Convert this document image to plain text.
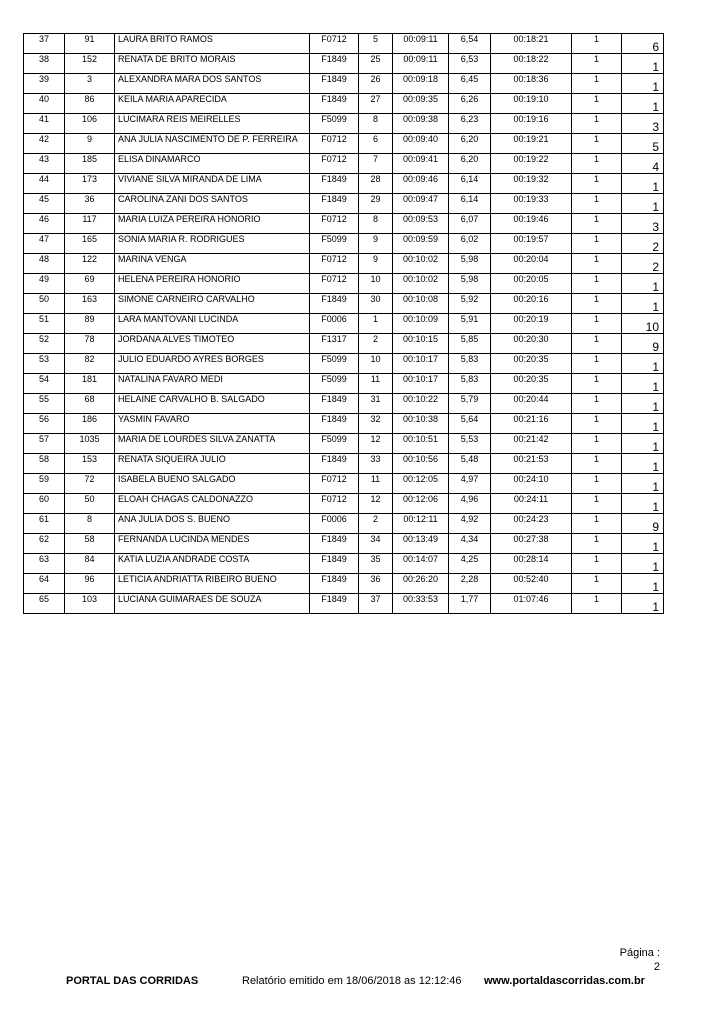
37	91	LAURA BRITO RAMOS	F0712	5	00:09:11	6,54	00:18:21	1	6
38	152	RENATA DE BRITO MORAIS	F1849	25	00:09:11	6,53	00:18:22	1	1
39	3	ALEXANDRA MARA DOS SANTOS	F1849	26	00:09:18	6,45	00:18:36	1	1
40	86	KEILA MARIA APARECIDA	F1849	27	00:09:35	6,26	00:19:10	1	1
41	106	LUCIMARA REIS MEIRELLES	F5099	8	00:09:38	6,23	00:19:16	1	3
42	9	ANA JULIA NASCIMENTO DE P. FERREIRA	F0712	6	00:09:40	6,20	00:19:21	1	5
43	185	ELISA DINAMARCO	F0712	7	00:09:41	6,20	00:19:22	1	4
44	173	VIVIANE SILVA MIRANDA DE LIMA	F1849	28	00:09:46	6,14	00:19:32	1	1
45	36	CAROLINA ZANI DOS SANTOS	F1849	29	00:09:47	6,14	00:19:33	1	1
46	117	MARIA LUIZA PEREIRA HONORIO	F0712	8	00:09:53	6,07	00:19:46	1	3
47	165	SONIA MARIA R. RODRIGUES	F5099	9	00:09:59	6,02	00:19:57	1	2
48	122	MARINA VENGA	F0712	9	00:10:02	5,98	00:20:04	1	2
49	69	HELENA PEREIRA HONORIO	F0712	10	00:10:02	5,98	00:20:05	1	1
50	163	SIMONE CARNEIRO CARVALHO	F1849	30	00:10:08	5,92	00:20:16	1	1
51	89	LARA MANTOVANI LUCINDA	F0006	1	00:10:09	5,91	00:20:19	1	10
52	78	JORDANA ALVES TIMOTEO	F1317	2	00:10:15	5,85	00:20:30	1	9
53	82	JULIO EDUARDO AYRES BORGES	F5099	10	00:10:17	5,83	00:20:35	1	1
54	181	NATALINA FAVARO MEDI	F5099	11	00:10:17	5,83	00:20:35	1	1
55	68	HELAINE CARVALHO B. SALGADO	F1849	31	00:10:22	5,79	00:20:44	1	1
56	186	YASMIN FAVARO	F1849	32	00:10:38	5,64	00:21:16	1	1
57	1035	MARIA DE LOURDES SILVA ZANATTA	F5099	12	00:10:51	5,53	00:21:42	1	1
58	153	RENATA SIQUEIRA JULIO	F1849	33	00:10:56	5,48	00:21:53	1	1
59	72	ISABELA BUENO SALGADO	F0712	11	00:12:05	4,97	00:24:10	1	1
60	50	ELOAH CHAGAS CALDONAZZO	F0712	12	00:12:06	4,96	00:24:11	1	1
61	8	ANA JULIA DOS S. BUENO	F0006	2	00:12:11	4,92	00:24:23	1	9
62	58	FERNANDA LUCINDA MENDES	F1849	34	00:13:49	4,34	00:27:38	1	1
63	84	KATIA LUZIA ANDRADE COSTA	F1849	35	00:14:07	4,25	00:28:14	1	1
64	96	LETICIA ANDRIATTA RIBEIRO BUENO	F1849	36	00:26:20	2,28	00:52:40	1	1
65	103	LUCIANA GUIMARAES DE SOUZA	F1849	37	00:33:53	1,77	01:07:46	1	1
Página :
2
PORTAL DAS CORRIDAS	Relatório emitido em 18/06/2018 as 12:12:46 www.portaldascorridas.com.br
